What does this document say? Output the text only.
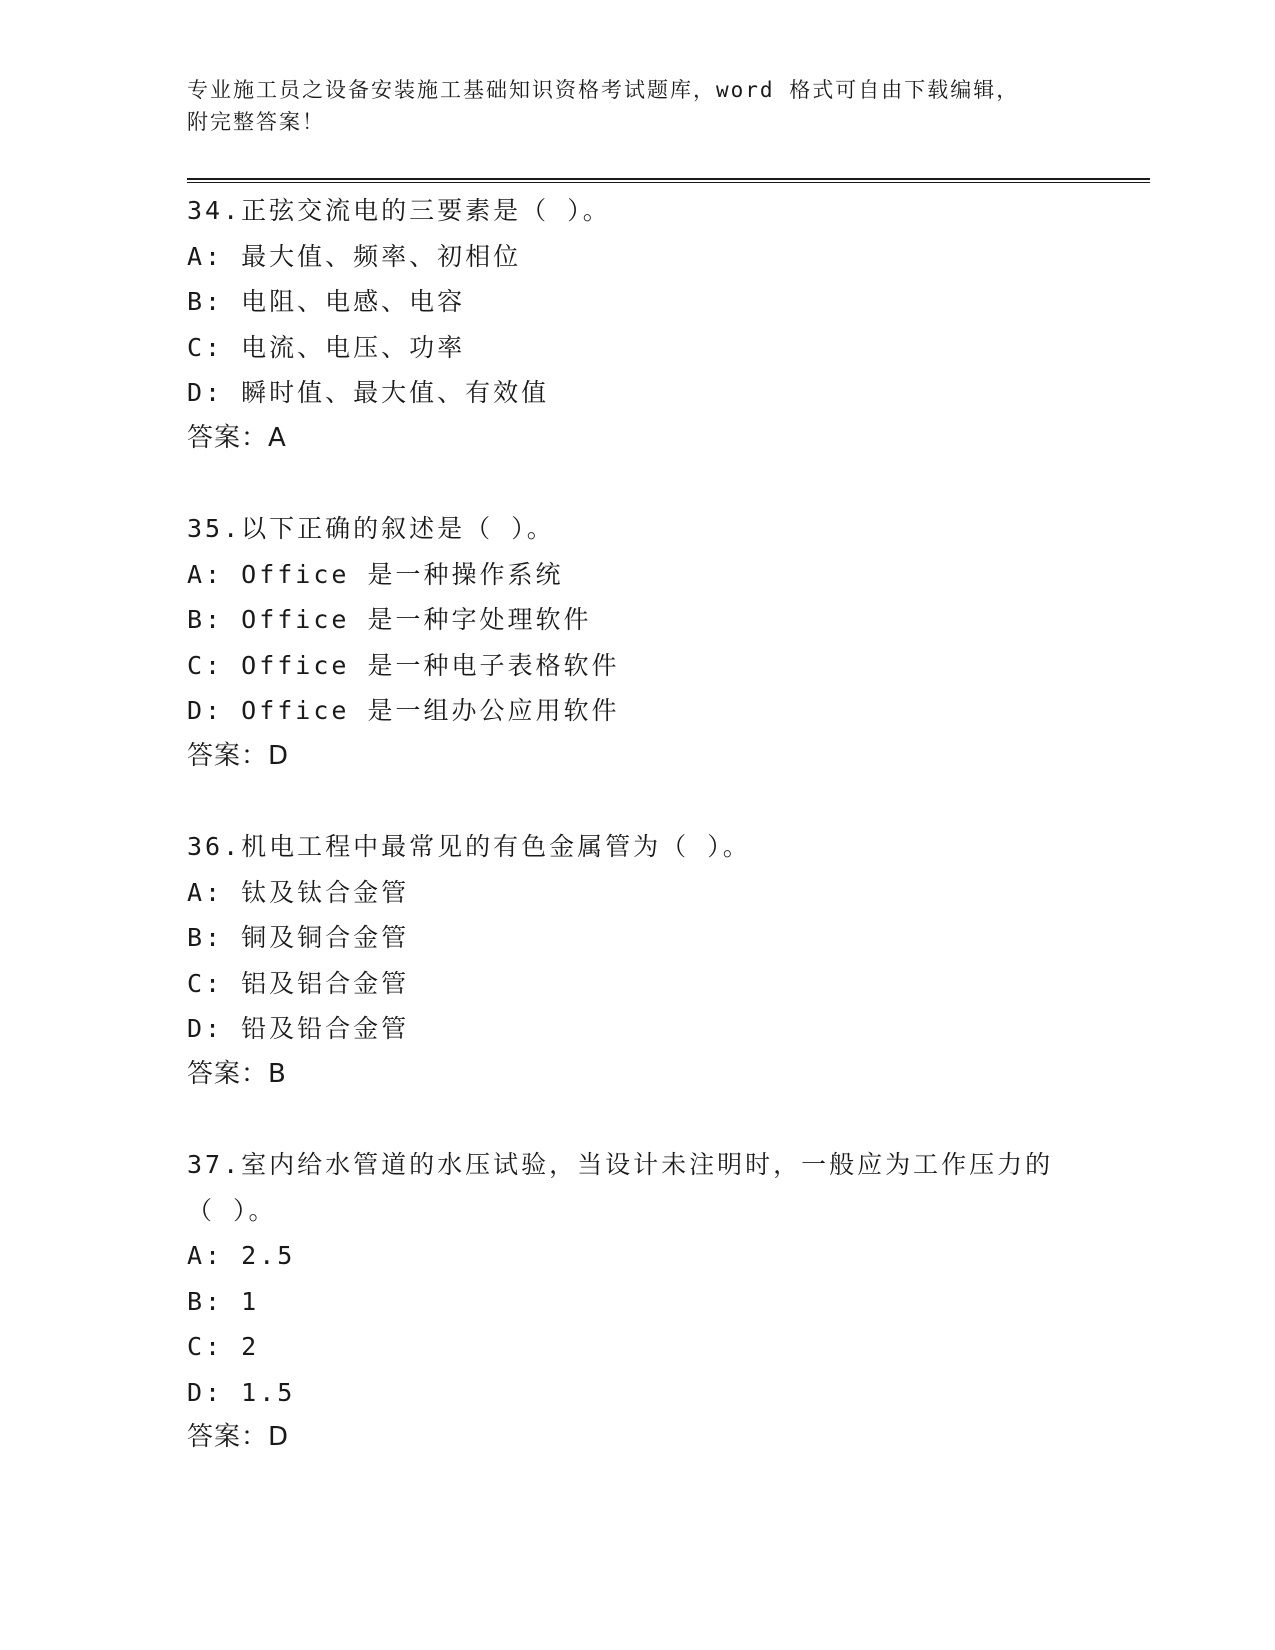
专业施工员之设备安装施工基础知识资格考试题库，word 格式可自由下载编辑，
附完整答案！
34.正弦交流电的三要素是（ ）。
A: 最大值、频率、初相位
B: 电阻、电感、电容
C: 电流、电压、功率
D: 瞬时值、最大值、有效值
答案：A
35.以下正确的叙述是（ ）。
A: Office 是一种操作系统
B: Office 是一种字处理软件
C: Office 是一种电子表格软件
D: Office 是一组办公应用软件
答案：D
36.机电工程中最常见的有色金属管为（ ）。
A: 钛及钛合金管
B: 铜及铜合金管
C: 铝及铝合金管
D: 铅及铅合金管
答案：B
37.室内给水管道的水压试验，当设计未注明时，一般应为工作压力的
（ ）。
A: 2.5
B: 1
C: 2
D: 1.5
答案：D
